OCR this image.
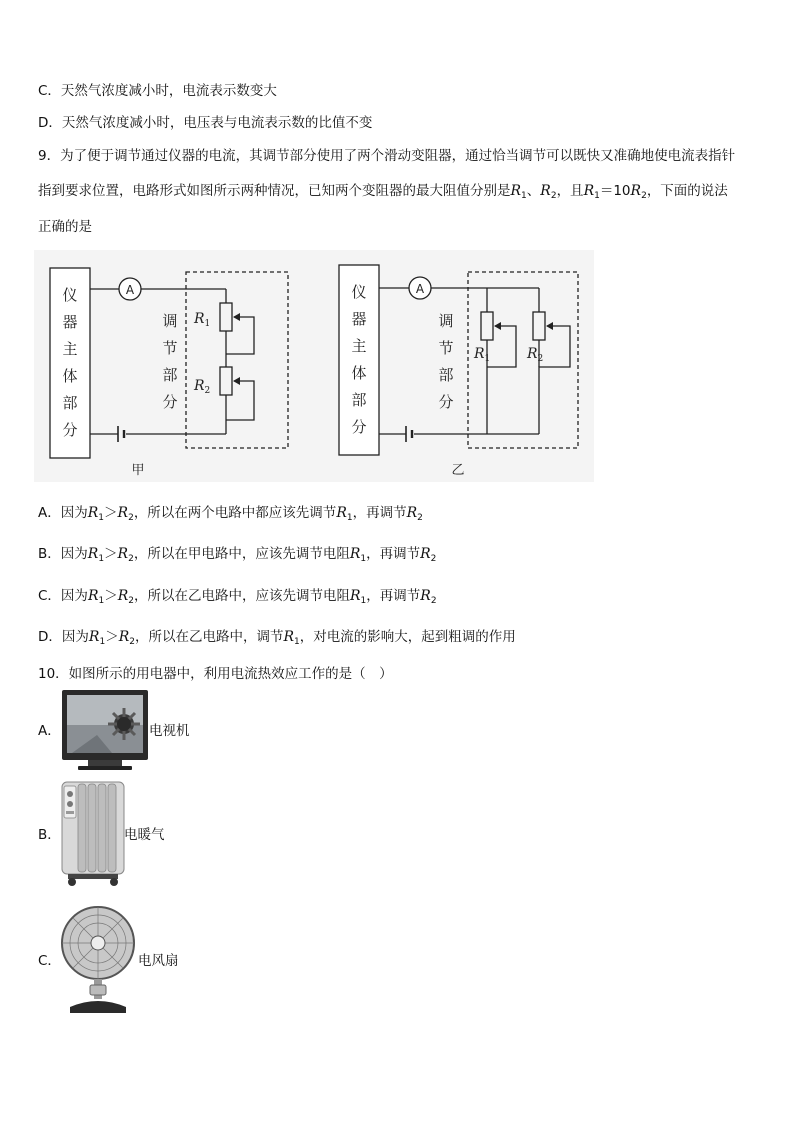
C．天然气浓度减小时，电流表示数变大
D．天然气浓度减小时，电压表与电流表示数的比值不变
9．为了便于调节通过仪器的电流，其调节部分使用了两个滑动变阻器，通过恰当调节可以既快又准确地使电流表指针
指到要求位置，电路形式如图所示两种情况，已知两个变阻器的最大阻值分别是$R_1$、$R_2$，且$R_1=10R_2$，下面的说法
正确的是
仪
器
主
体
部
分
调
节
部
分
仪
器
主
体
部
分
调
节
部
分
A	A
$R_1$
$R_2$
$R_1$	$R_2$
甲	乙
A．因为$R_1>R_2$，所以在两个电路中都应该先调节$R_1$，再调节$R_2$
B．因为$R_1>R_2$，所以在甲电路中，应该先调节电阻$R_1$，再调节$R_2$
C．因为$R_1>R_2$，所以在乙电路中，应该先调节电阻$R_1$，再调节$R_2$
D．因为$R_1>R_2$，所以在乙电路中，调节$R_1$，对电流的影响大，起到粗调的作用
10．如图所示的用电器中，利用电流热效应工作的是（　）
A．	电视机
B．	电暖气
C．	电风扇
